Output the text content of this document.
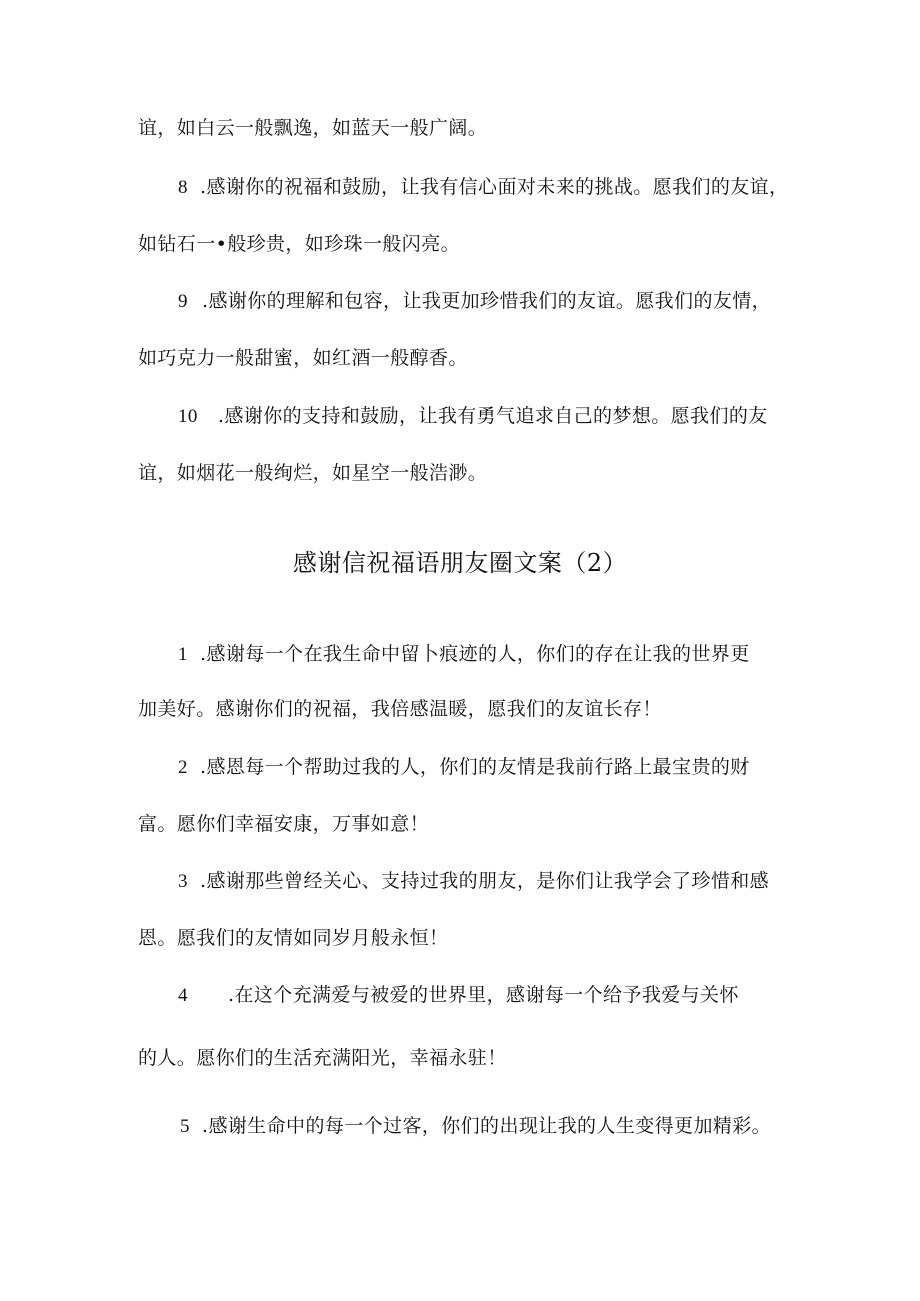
谊，如白云一般飘逸，如蓝天一般广阔。
8 .感谢你的祝福和鼓励，让我有信心面对未来的挑战。愿我们的友谊，
如钻石一•般珍贵，如珍珠一般闪亮。
9 .感谢你的理解和包容，让我更加珍惜我们的友谊。愿我们的友情，
如巧克力一般甜蜜，如红酒一般醇香。
10 .感谢你的支持和鼓励，让我有勇气追求自己的梦想。愿我们的友
谊，如烟花一般绚烂，如星空一般浩渺。
感谢信祝福语朋友圈文案（2）
1 .感谢每一个在我生命中留卜痕迹的人，你们的存在让我的世界更
加美好。感谢你们的祝福，我倍感温暖，愿我们的友谊长存！
2 .感恩每一个帮助过我的人，你们的友情是我前行路上最宝贵的财
富。愿你们幸福安康，万事如意！
3 .感谢那些曾经关心、支持过我的朋友，是你们让我学会了珍惜和感
恩。愿我们的友情如同岁月般永恒！
4 .在这个充满爱与被爱的世界里，感谢每一个给予我爱与关怀
的人。愿你们的生活充满阳光，幸福永驻！
5 .感谢生命中的每一个过客，你们的出现让我的人生变得更加精彩。
